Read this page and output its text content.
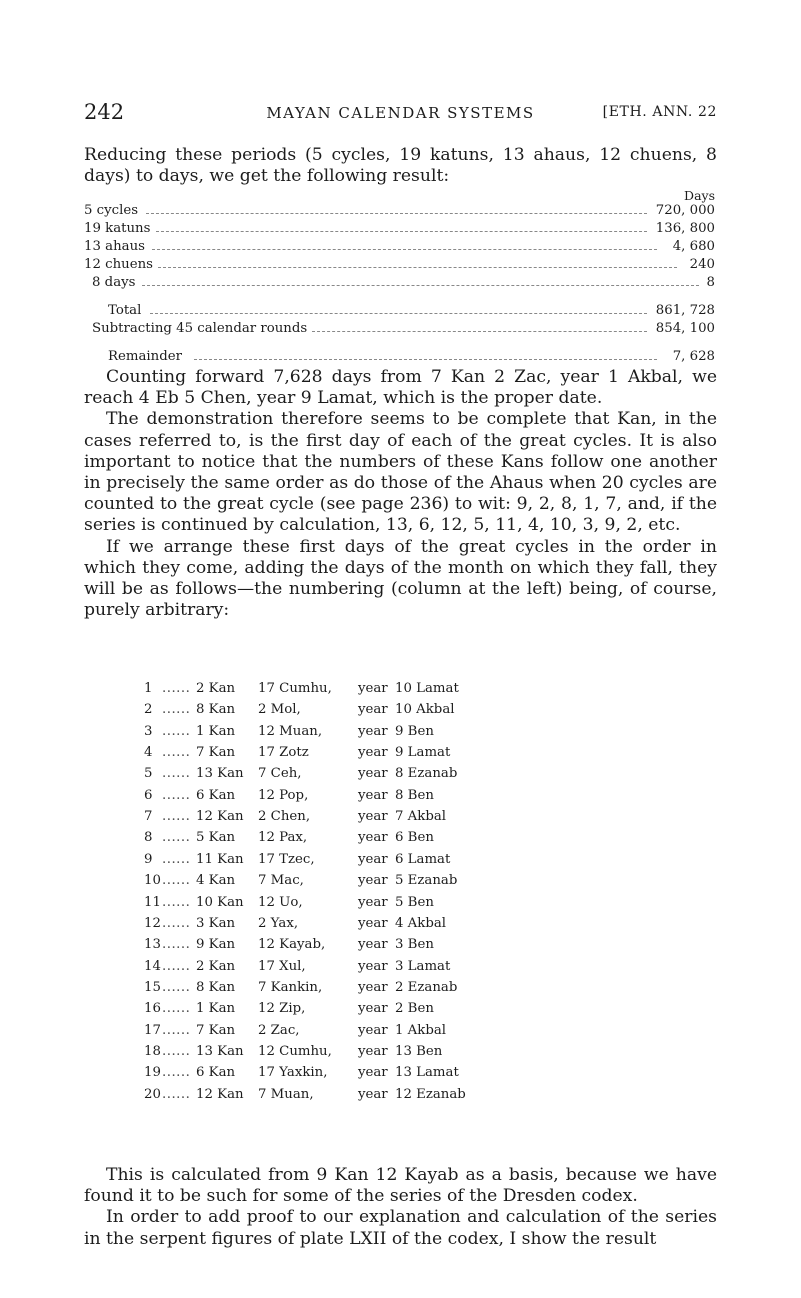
242	MAYAN CALENDAR SYSTEMS	[ETH. ANN. 22

Reducing these periods (5 cycles, 19 katuns, 13 ahaus, 12 chuens, 8 days) to days, we get the following result:

Days
5 cycles	720, 000
19 katuns	136, 800
13 ahaus	4, 680
12 chuens	240
8 days	8
Total	861, 728
Subtracting 45 calendar rounds	854, 100
Remainder	7, 628

Counting forward 7,628 days from 7 Kan 2 Zac, year 1 Akbal, we reach 4 Eb 5 Chen, year 9 Lamat, which is the proper date.

The demonstration therefore seems to be complete that Kan, in the cases referred to, is the first day of each of the great cycles. It is also important to notice that the numbers of these Kans follow one another in precisely the same order as do those of the Ahaus when 20 cycles are counted to the great cycle (see page 236) to wit: 9, 2, 8, 1, 7, and, if the series is continued by calculation, 13, 6, 12, 5, 11, 4, 10, 3, 9, 2, etc.

If we arrange these first days of the great cycles in the order in which they come, adding the days of the month on which they fall, they will be as follows—the numbering (column at the left) being, of course, purely arbitrary:

1 ...... 2 Kan 17 Cumhu, year 10 Lamat
2 ...... 8 Kan 2 Mol,	year 10 Akbal
3 ...... 1 Kan 12 Muan,	year 9 Ben
4 ...... 7 Kan 17 Zotz	year 9 Lamat
5 ...... 13 Kan 7 Ceh,	year 8 Ezanab
6 ...... 6 Kan 12 Pop,	year 8 Ben
7 ...... 12 Kan 2 Chen,	year 7 Akbal
8 ...... 5 Kan 12 Pax,	year 6 Ben
9 ...... 11 Kan 17 Tzec,	year 6 Lamat
10 ...... 4 Kan 7 Mac,	year 5 Ezanab
11 ...... 10 Kan 12 Uo,	year 5 Ben
12 ...... 3 Kan 2 Yax,	year 4 Akbal
13 ...... 9 Kan 12 Kayab, year 3 Ben
14 ...... 2 Kan 17 Xul,	year 3 Lamat
15 ...... 8 Kan 7 Kankin,	year 2 Ezanab
16 ...... 1 Kan 12 Zip,	year 2 Ben
17 ...... 7 Kan 2 Zac,	year 1 Akbal
18 ...... 13 Kan 12 Cumhu, year 13 Ben
19 ...... 6 Kan 17 Yaxkin, year 13 Lamat
20 ...... 12 Kan 7 Muan,	year 12 Ezanab

This is calculated from 9 Kan 12 Kayab as a basis, because we have found it to be such for some of the series of the Dresden codex.

In order to add proof to our explanation and calculation of the series in the serpent figures of plate LXII of the codex, I show the result
